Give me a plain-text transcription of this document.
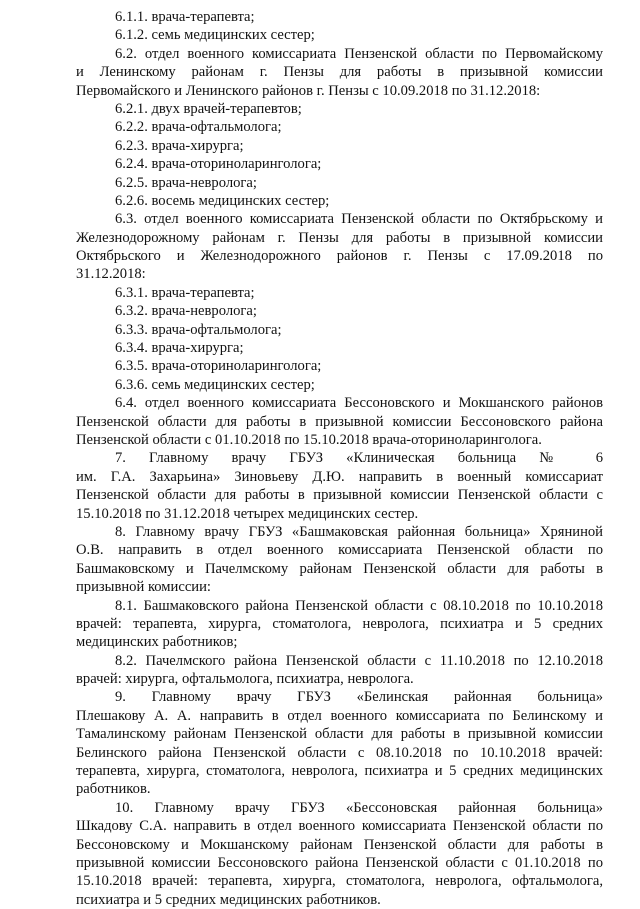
6.1.1. врача-терапевта;
6.1.2. семь медицинских сестер;
6.2. отдел военного комиссариата Пензенской области по Первомайскому
и Ленинскому районам г. Пензы для работы в призывной комиссии
Первомайского и Ленинского районов г. Пензы с 10.09.2018 по 31.12.2018:
6.2.1. двух врачей-терапевтов;
6.2.2. врача-офтальмолога;
6.2.3. врача-хирурга;
6.2.4. врача-оториноларинголога;
6.2.5. врача-невролога;
6.2.6. восемь медицинских сестер;
6.3. отдел военного комиссариата Пензенской области по Октябрьскому и
Железнодорожному районам г. Пензы для работы в призывной комиссии
Октябрьского и Железнодорожного районов г. Пензы с 17.09.2018 по
31.12.2018:
6.3.1. врача-терапевта;
6.3.2. врача-невролога;
6.3.3. врача-офтальмолога;
6.3.4. врача-хирурга;
6.3.5. врача-оториноларинголога;
6.3.6. семь медицинских сестер;
6.4. отдел военного комиссариата Бессоновского и Мокшанского районов
Пензенской области для работы в призывной комиссии Бессоновского района
Пензенской области с 01.10.2018 по 15.10.2018 врача-оториноларинголога.
7. Главному врачу ГБУЗ «Клиническая больница № 6
им. Г.А. Захарьина» Зиновьеву Д.Ю. направить в военный комиссариат
Пензенской области для работы в призывной комиссии Пензенской области с
15.10.2018 по 31.12.2018 четырех медицинских сестер.
8. Главному врачу ГБУЗ «Башмаковская районная больница» Хряниной
О.В. направить в отдел военного комиссариата Пензенской области по
Башмаковскому и Пачелмскому районам Пензенской области для работы в
призывной комиссии:
8.1. Башмаковского района Пензенской области с 08.10.2018 по 10.10.2018
врачей: терапевта, хирурга, стоматолога, невролога, психиатра и 5 средних
медицинских работников;
8.2. Пачелмского района Пензенской области с 11.10.2018 по 12.10.2018
врачей: хирурга, офтальмолога, психиатра, невролога.
9. Главному врачу ГБУЗ «Белинская районная больница»
Плешакову А. А. направить в отдел военного комиссариата по Белинскому и
Тамалинскому районам Пензенской области для работы в призывной комиссии
Белинского района Пензенской области с 08.10.2018 по 10.10.2018 врачей:
терапевта, хирурга, стоматолога, невролога, психиатра и 5 средних медицинских
работников.
10. Главному врачу ГБУЗ «Бессоновская районная больница»
Шкадову С.А. направить в отдел военного комиссариата Пензенской области по
Бессоновскому и Мокшанскому районам Пензенской области для работы в
призывной комиссии Бессоновского района Пензенской области с 01.10.2018 по
15.10.2018 врачей: терапевта, хирурга, стоматолога, невролога, офтальмолога,
психиатра и 5 средних медицинских работников.
